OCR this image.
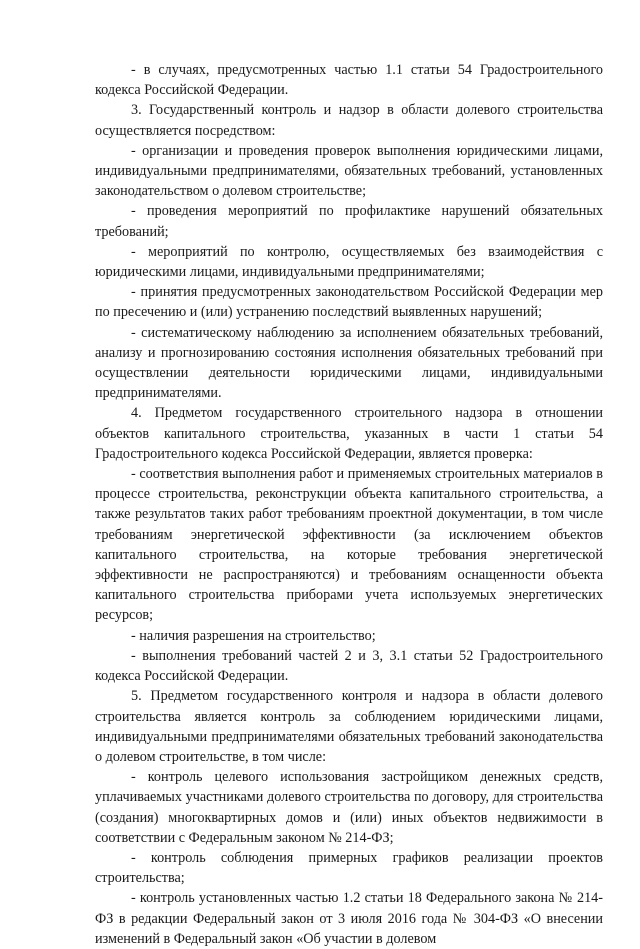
- в случаях, предусмотренных частью 1.1 статьи 54 Градостроительного кодекса Российской Федерации.

3. Государственный контроль и надзор в области долевого строительства осуществляется посредством:

- организации и проведения проверок выполнения юридическими лицами, индивидуальными предпринимателями, обязательных требований, установленных законодательством о долевом строительстве;

- проведения мероприятий по профилактике нарушений обязательных требований;

- мероприятий по контролю, осуществляемых без взаимодействия с юридическими лицами, индивидуальными предпринимателями;

- принятия предусмотренных законодательством Российской Федерации мер по пресечению и (или) устранению последствий выявленных нарушений;

- систематическому наблюдению за исполнением обязательных требований, анализу и прогнозированию состояния исполнения обязательных требований при осуществлении деятельности юридическими лицами, индивидуальными предпринимателями.

4. Предметом государственного строительного надзора в отношении объектов капитального строительства, указанных в части 1 статьи 54 Градостроительного кодекса Российской Федерации, является проверка:

- соответствия выполнения работ и применяемых строительных материалов в процессе строительства, реконструкции объекта капитального строительства, а также результатов таких работ требованиям проектной документации, в том числе требованиям энергетической эффективности (за исключением объектов капитального строительства, на которые требования энергетической эффективности не распространяются) и требованиям оснащенности объекта капитального строительства приборами учета используемых энергетических ресурсов;

- наличия разрешения на строительство;

- выполнения требований частей 2 и 3, 3.1 статьи 52 Градостроительного кодекса Российской Федерации.

5. Предметом государственного контроля и надзора в области долевого строительства является контроль за соблюдением юридическими лицами, индивидуальными предпринимателями обязательных требований законодательства о долевом строительстве, в том числе:

- контроль целевого использования застройщиком денежных средств, уплачиваемых участниками долевого строительства по договору, для строительства (создания) многоквартирных домов и (или) иных объектов недвижимости в соответствии с Федеральным законом № 214-ФЗ;

- контроль соблюдения примерных графиков реализации проектов строительства;

- контроль установленных частью 1.2 статьи 18 Федерального закона № 214-ФЗ в редакции Федеральный закон от 3 июля 2016 года № 304-ФЗ «О внесении изменений в Федеральный закон «Об участии в долевом
